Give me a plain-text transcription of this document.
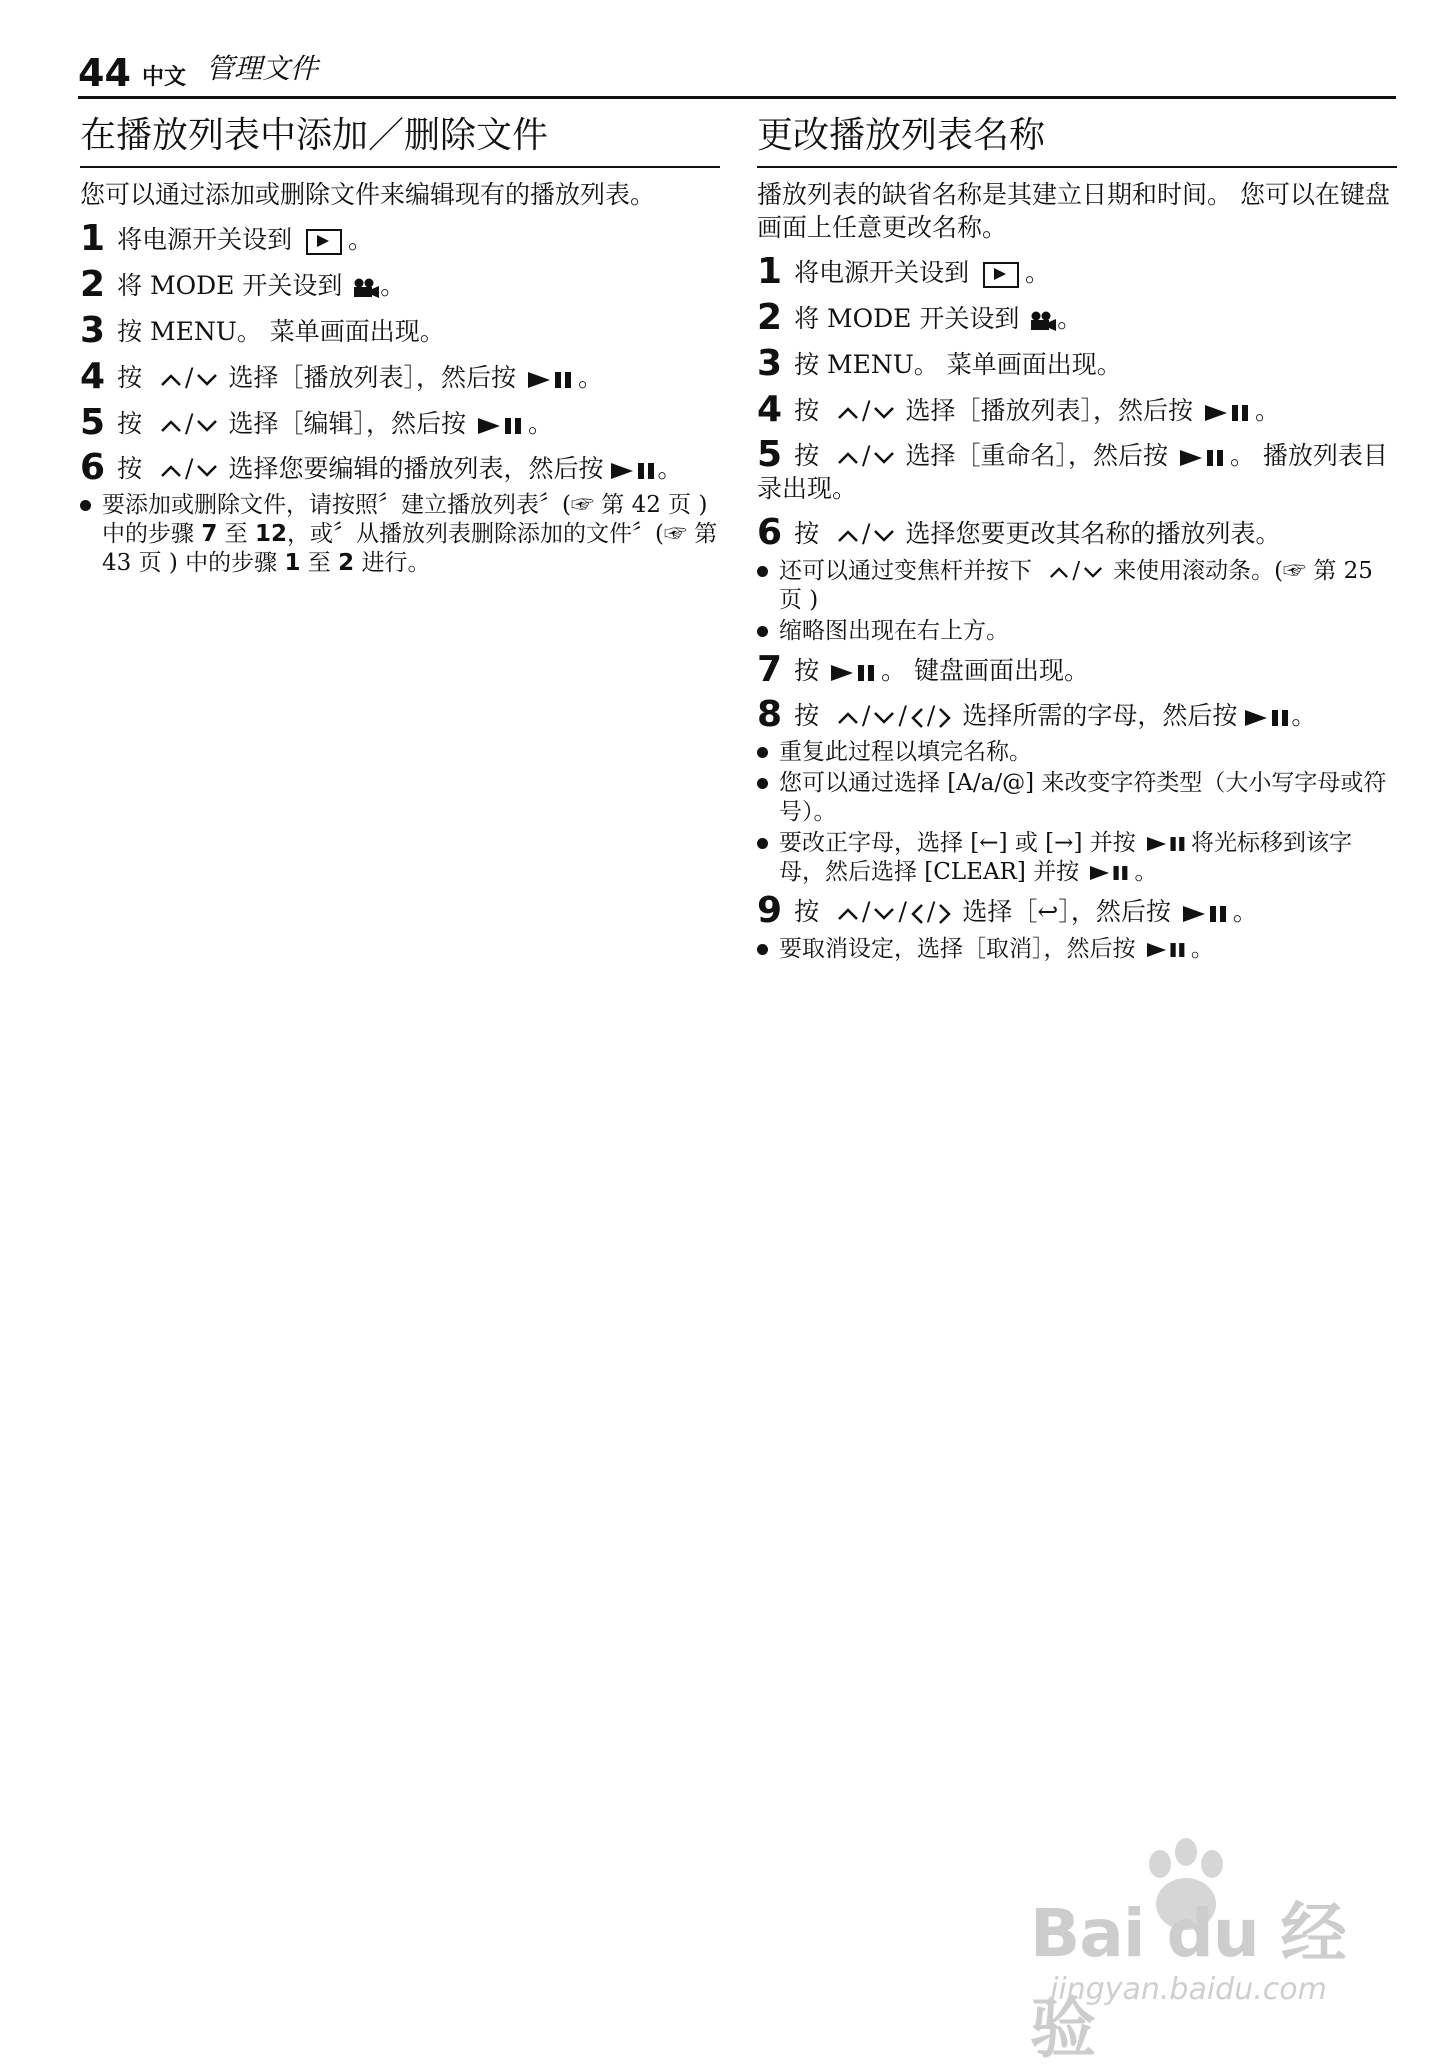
44 中文 管理文件
在播放列表中添加／删除文件
您可以通过添加或删除文件来编辑现有的播放列表。
1 将电源开关设到 。
2 将 MODE 开关设到 。
3 按 MENU。 菜单画面出现。
4 按 / 选择［播放列表］，然后按 。
5 按 / 选择［编辑］，然后按 。
6 按 / 选择您要编辑的播放列表，然后按 。
要添加或删除文件，请按照〞建立播放列表〞(☞ 第 42 页 ) 中的步骤 7 至 12，或〞从播放列表删除添加的文件〞(☞ 第 43 页 ) 中的步骤 1 至 2 进行。
更改播放列表名称
播放列表的缺省名称是其建立日期和时间。 您可以在键盘画面上任意更改名称。
1 将电源开关设到 。
2 将 MODE 开关设到 。
3 按 MENU。 菜单画面出现。
4 按 / 选择［播放列表］，然后按 。
5 按 / 选择［重命名］，然后按 。 播放列表目录出现。
6 按 / 选择您要更改其名称的播放列表。
还可以通过变焦杆并按下 / 来使用滚动条。(☞ 第 25 页 )
缩略图出现在右上方。
7 按 。 键盘画面出现。
8 按 / / / 选择所需的字母，然后按 。
重复此过程以填完名称。
您可以通过选择 [A/a/@] 来改变字符类型（大小写字母或符号）。
要改正字母，选择 [←] 或 [→] 并按 将光标移到该字母，然后选择 [CLEAR] 并按 。
9 按 / / / 选择［↩］，然后按 。
要取消设定，选择［取消］，然后按 。
Bai du 经验
jingyan.baidu.com
